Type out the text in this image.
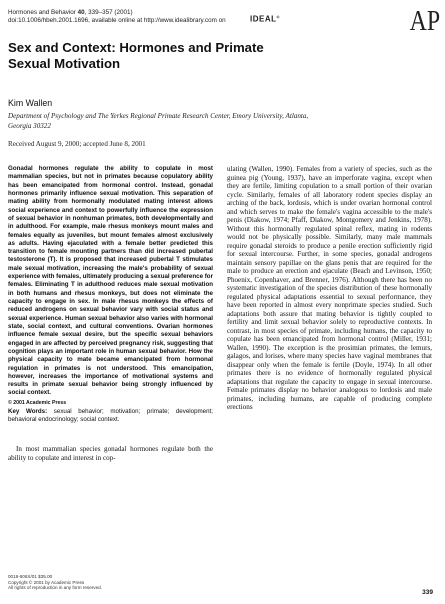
Hormones and Behavior 40, 339–357 (2001)
doi:10.1006/hbeh.2001.1696, available online at http://www.idealibrary.com on	IDEAL®	AP
Sex and Context: Hormones and Primate Sexual Motivation
Kim Wallen
Department of Psychology and The Yerkes Regional Primate Research Center, Emory University, Atlanta, Georgia 30322
Received August 9, 2000; accepted June 8, 2001

Gonadal hormones regulate the ability to copulate in most mammalian species, but not in primates because copulatory ability has been emancipated from hormonal control. Instead, gonadal hormones primarily influence sexual motivation. This separation of mating ability from hormonally modulated mating interest allows social experience and context to powerfully influence the expression of sexual behavior in nonhuman primates, both developmentally and in adulthood. For example, male rhesus monkeys mount males and females equally as juveniles, but mount females almost exclusively as adults. Having ejaculated with a female better predicted this transition to female mounting partners than did increased pubertal testosterone (T). It is proposed that increased pubertal T stimulates male sexual motivation, increasing the male's probability of sexual experience with females, ultimately producing a sexual preference for females. Eliminating T in adulthood reduces male sexual motivation in both humans and rhesus monkeys, but does not eliminate the capacity to engage in sex. In male rhesus monkeys the effects of reduced androgens on sexual behavior vary with social status and sexual experience. Human sexual behavior also varies with hormonal state, social context, and cultural conventions. Ovarian hormones influence female sexual desire, but the specific sexual behaviors engaged in are affected by perceived pregnancy risk, suggesting that cognition plays an important role in human sexual behavior. How the physical capacity to mate became emancipated from hormonal regulation in primates is not understood. This emancipation, however, increases the importance of motivational systems and results in primate sexual behavior being strongly influenced by social context.

© 2001 Academic Press
Key Words: sexual behavior; motivation; primate; development; behavioral endocrinology; social context.

In most mammalian species gonadal hormones regulate both the ability to copulate and interest in cop-

ulating (Wallen, 1990). Females from a variety of species, such as the guinea pig (Young, 1937), have an imperforate vagina, except when they are fertile, limiting copulation to a small portion of their ovarian cycle. Similarly, females of all laboratory rodent species display an arching of the back, lordosis, which is under ovarian hormonal control and which serves to make the female's vagina accessible to the male's penis (Diakow, 1974; Pfaff, Diakow, Montgomery and Jenkins, 1978). Without this hormonally regulated spinal reflex, mating in rodents would not be physically possible. Similarly, many male mammals require gonadal steroids to produce a penile erection sufficiently rigid for sexual intercourse. Further, in some species, gonadal androgens maintain sensory papillae on the glans penis that are required for the male to produce an erection and ejaculate (Beach and Levinson, 1950; Phoenix, Copenhaver, and Brenner, 1976). Although there has been no systematic investigation of the species distribution of these hormonally regulated physical adaptations essential to sexual performance, they have been reported in almost every nonprimate species studied. Such adaptations both assure that mating behavior is tightly coupled to fertility and limit sexual behavior solely to reproductive contexts. In contrast, in most species of primate, including humans, the capacity to copulate has been emancipated from hormonal control (Miller, 1931; Wallen, 1990). The exception is the prosimian primates, the lemurs, galagos, and lorises, where many species have vaginal membranes that disappear only when the female is fertile (Doyle, 1974). In all other primates there is no evidence of hormonally regulated physical adaptations that regulate the capacity to engage in sexual intercourse. Female primates display no behavior analogous to lordosis and male primates, including humans, are capable of producing complete erections

0018-506X/01 $35.00
Copyright © 2001 by Academic Press
All rights of reproduction in any form reserved.
339
